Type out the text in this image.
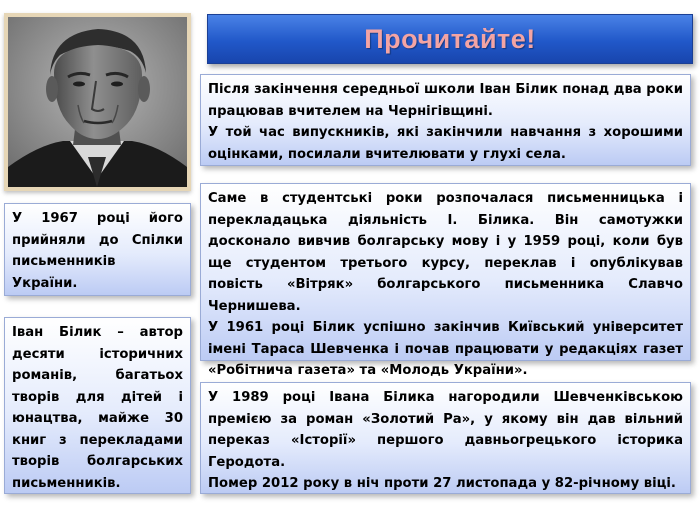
Прочитайте!

Після закінчення середньої школи Іван Білик понад два роки працював вчителем на Чернігівщині.

У той час випускників, які закінчили навчання з хорошими оцінками, посилали вчителювати у глухі села.

Саме в студентські роки розпочалася письменницька і перекладацька діяльність І. Білика. Він самотужки досконало вивчив болгарську мову і у 1959 році, коли був ще студентом третього курсу, переклав і опублікував повість «Вітряк» болгарського письменника Славчо Чернишева.

У 1961 році Білик успішно закінчив Київський університет імені Тараса Шевченка і почав працювати у редакціях газет «Робітнича газета» та «Молодь України».

У 1989 році Івана Білика нагородили Шевченківською премією за роман «Золотий Ра», у якому він дав вільний переказ «Історії» першого давньогрецького історика Геродота.

Помер 2012 року в ніч проти 27 листопада у 82-річному віці.

У 1967 році його прийняли до Спілки письменників України.

Іван Білик – автор десяти історичних романів, багатьох творів для дітей і юнацтва, майже 30 книг з перекладами творів болгарських письменників.
